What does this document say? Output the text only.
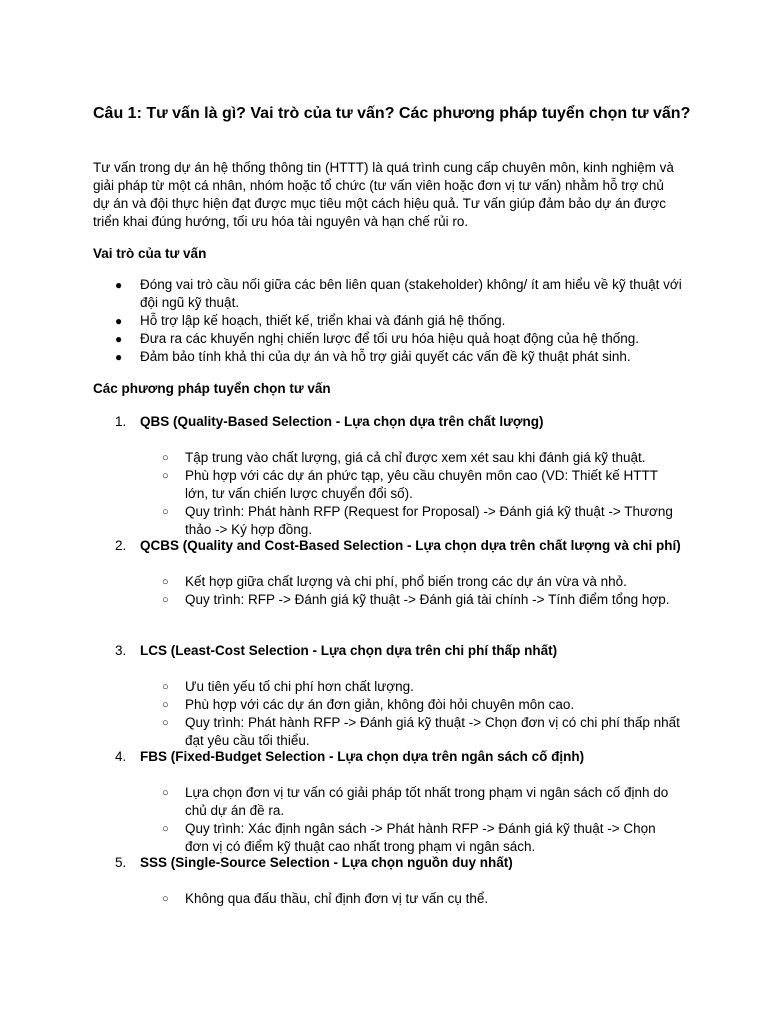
Câu 1: Tư vấn là gì? Vai trò của tư vấn? Các phương pháp tuyển chọn tư vấn?

Tư vấn trong dự án hệ thống thông tin (HTTT) là quá trình cung cấp chuyên môn, kinh nghiệm và giải pháp từ một cá nhân, nhóm hoặc tổ chức (tư vấn viên hoặc đơn vị tư vấn) nhằm hỗ trợ chủ dự án và đội thực hiện đạt được mục tiêu một cách hiệu quả. Tư vấn giúp đảm bảo dự án được triển khai đúng hướng, tối ưu hóa tài nguyên và hạn chế rủi ro.

Vai trò của tư vấn

● Đóng vai trò cầu nối giữa các bên liên quan (stakeholder) không/ ít am hiểu về kỹ thuật với đội ngũ kỹ thuật.
● Hỗ trợ lập kế hoạch, thiết kế, triển khai và đánh giá hệ thống.
● Đưa ra các khuyến nghị chiến lược để tối ưu hóa hiệu quả hoạt động của hệ thống.
● Đảm bảo tính khả thi của dự án và hỗ trợ giải quyết các vấn đề kỹ thuật phát sinh.

Các phương pháp tuyển chọn tư vấn

1. QBS (Quality-Based Selection - Lựa chọn dựa trên chất lượng)
○ Tập trung vào chất lượng, giá cả chỉ được xem xét sau khi đánh giá kỹ thuật.
○ Phù hợp với các dự án phức tạp, yêu cầu chuyên môn cao (VD: Thiết kế HTTT lớn, tư vấn chiến lược chuyển đổi số).
○ Quy trình: Phát hành RFP (Request for Proposal) -> Đánh giá kỹ thuật -> Thương thảo -> Ký hợp đồng.
2. QCBS (Quality and Cost-Based Selection - Lựa chọn dựa trên chất lượng và chi phí)
○ Kết hợp giữa chất lượng và chi phí, phổ biến trong các dự án vừa và nhỏ.
○ Quy trình: RFP -> Đánh giá kỹ thuật -> Đánh giá tài chính -> Tính điểm tổng hợp.
3. LCS (Least-Cost Selection - Lựa chọn dựa trên chi phí thấp nhất)
○ Ưu tiên yếu tố chi phí hơn chất lượng.
○ Phù hợp với các dự án đơn giản, không đòi hỏi chuyên môn cao.
○ Quy trình: Phát hành RFP -> Đánh giá kỹ thuật -> Chọn đơn vị có chi phí thấp nhất đạt yêu cầu tối thiểu.
4. FBS (Fixed-Budget Selection - Lựa chọn dựa trên ngân sách cố định)
○ Lựa chọn đơn vị tư vấn có giải pháp tốt nhất trong phạm vi ngân sách cố định do chủ dự án đề ra.
○ Quy trình: Xác định ngân sách -> Phát hành RFP -> Đánh giá kỹ thuật -> Chọn đơn vị có điểm kỹ thuật cao nhất trong phạm vi ngân sách.
5. SSS (Single-Source Selection - Lựa chọn nguồn duy nhất)
○ Không qua đấu thầu, chỉ định đơn vị tư vấn cụ thể.
